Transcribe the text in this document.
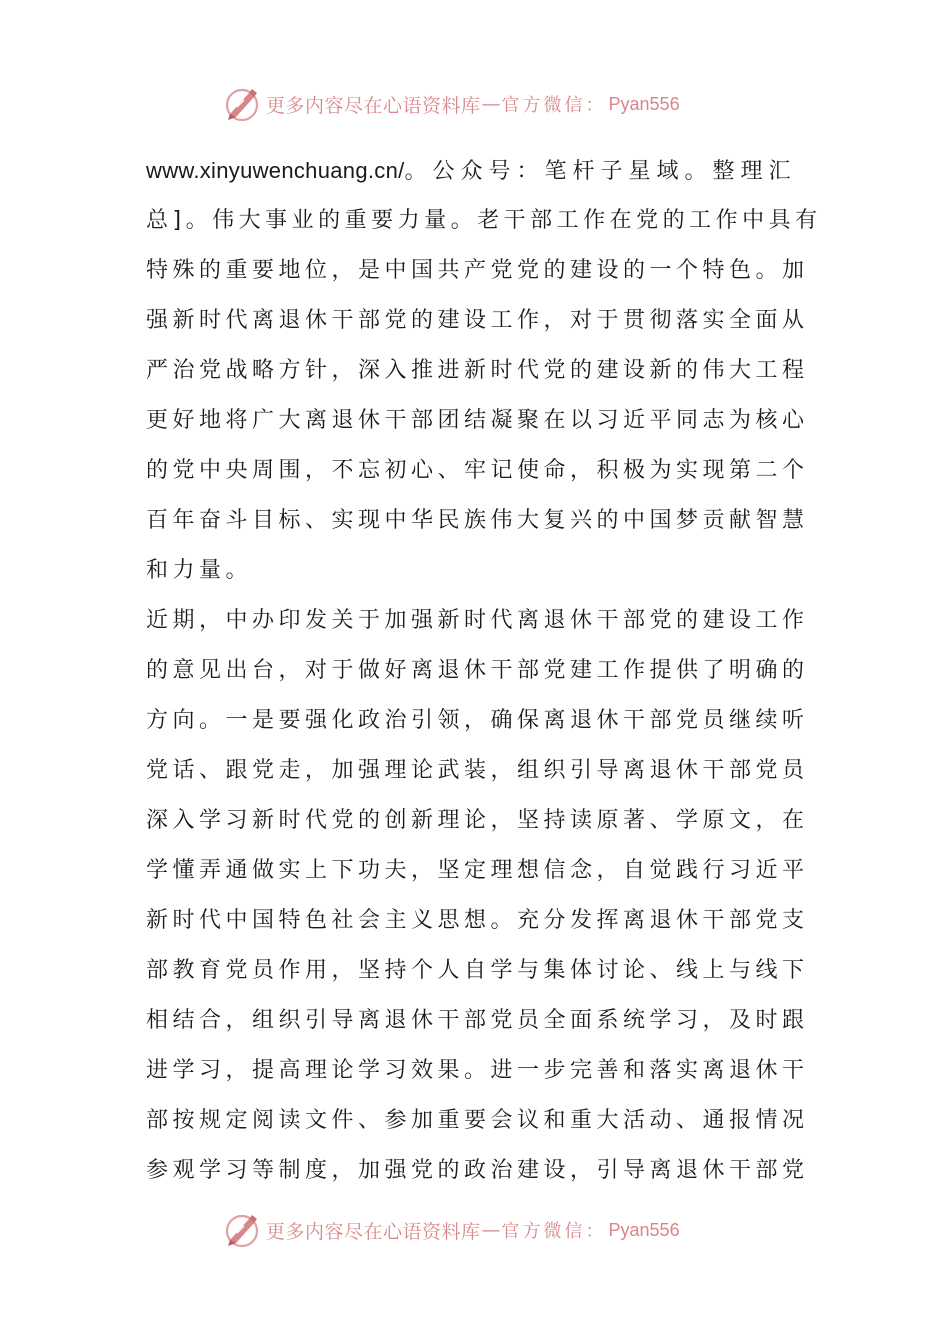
更多内容尽在心语资料库 — 官方微信： Pyan556
www.xinyuwenchuang.cn/。公众号：笔杆子星域。整理汇
总]。伟大事业的重要力量。老干部工作在党的工作中具有
特殊的重要地位，是中国共产党党的建设的一个特色。加
强新时代离退休干部党的建设工作，对于贯彻落实全面从
严治党战略方针，深入推进新时代党的建设新的伟大工程
更好地将广大离退休干部团结凝聚在以习近平同志为核心
的党中央周围，不忘初心、牢记使命，积极为实现第二个
百年奋斗目标、实现中华民族伟大复兴的中国梦贡献智慧
和力量。
近期，中办印发关于加强新时代离退休干部党的建设工作
的意见出台，对于做好离退休干部党建工作提供了明确的
方向。一是要强化政治引领，确保离退休干部党员继续听
党话、跟党走，加强理论武装，组织引导离退休干部党员
深入学习新时代党的创新理论，坚持读原著、学原文，在
学懂弄通做实上下功夫，坚定理想信念，自觉践行习近平
新时代中国特色社会主义思想。充分发挥离退休干部党支
部教育党员作用，坚持个人自学与集体讨论、线上与线下
相结合，组织引导离退休干部党员全面系统学习，及时跟
进学习，提高理论学习效果。进一步完善和落实离退休干
部按规定阅读文件、参加重要会议和重大活动、通报情况
参观学习等制度，加强党的政治建设，引导离退休干部党
更多内容尽在心语资料库 — 官方微信： Pyan556
